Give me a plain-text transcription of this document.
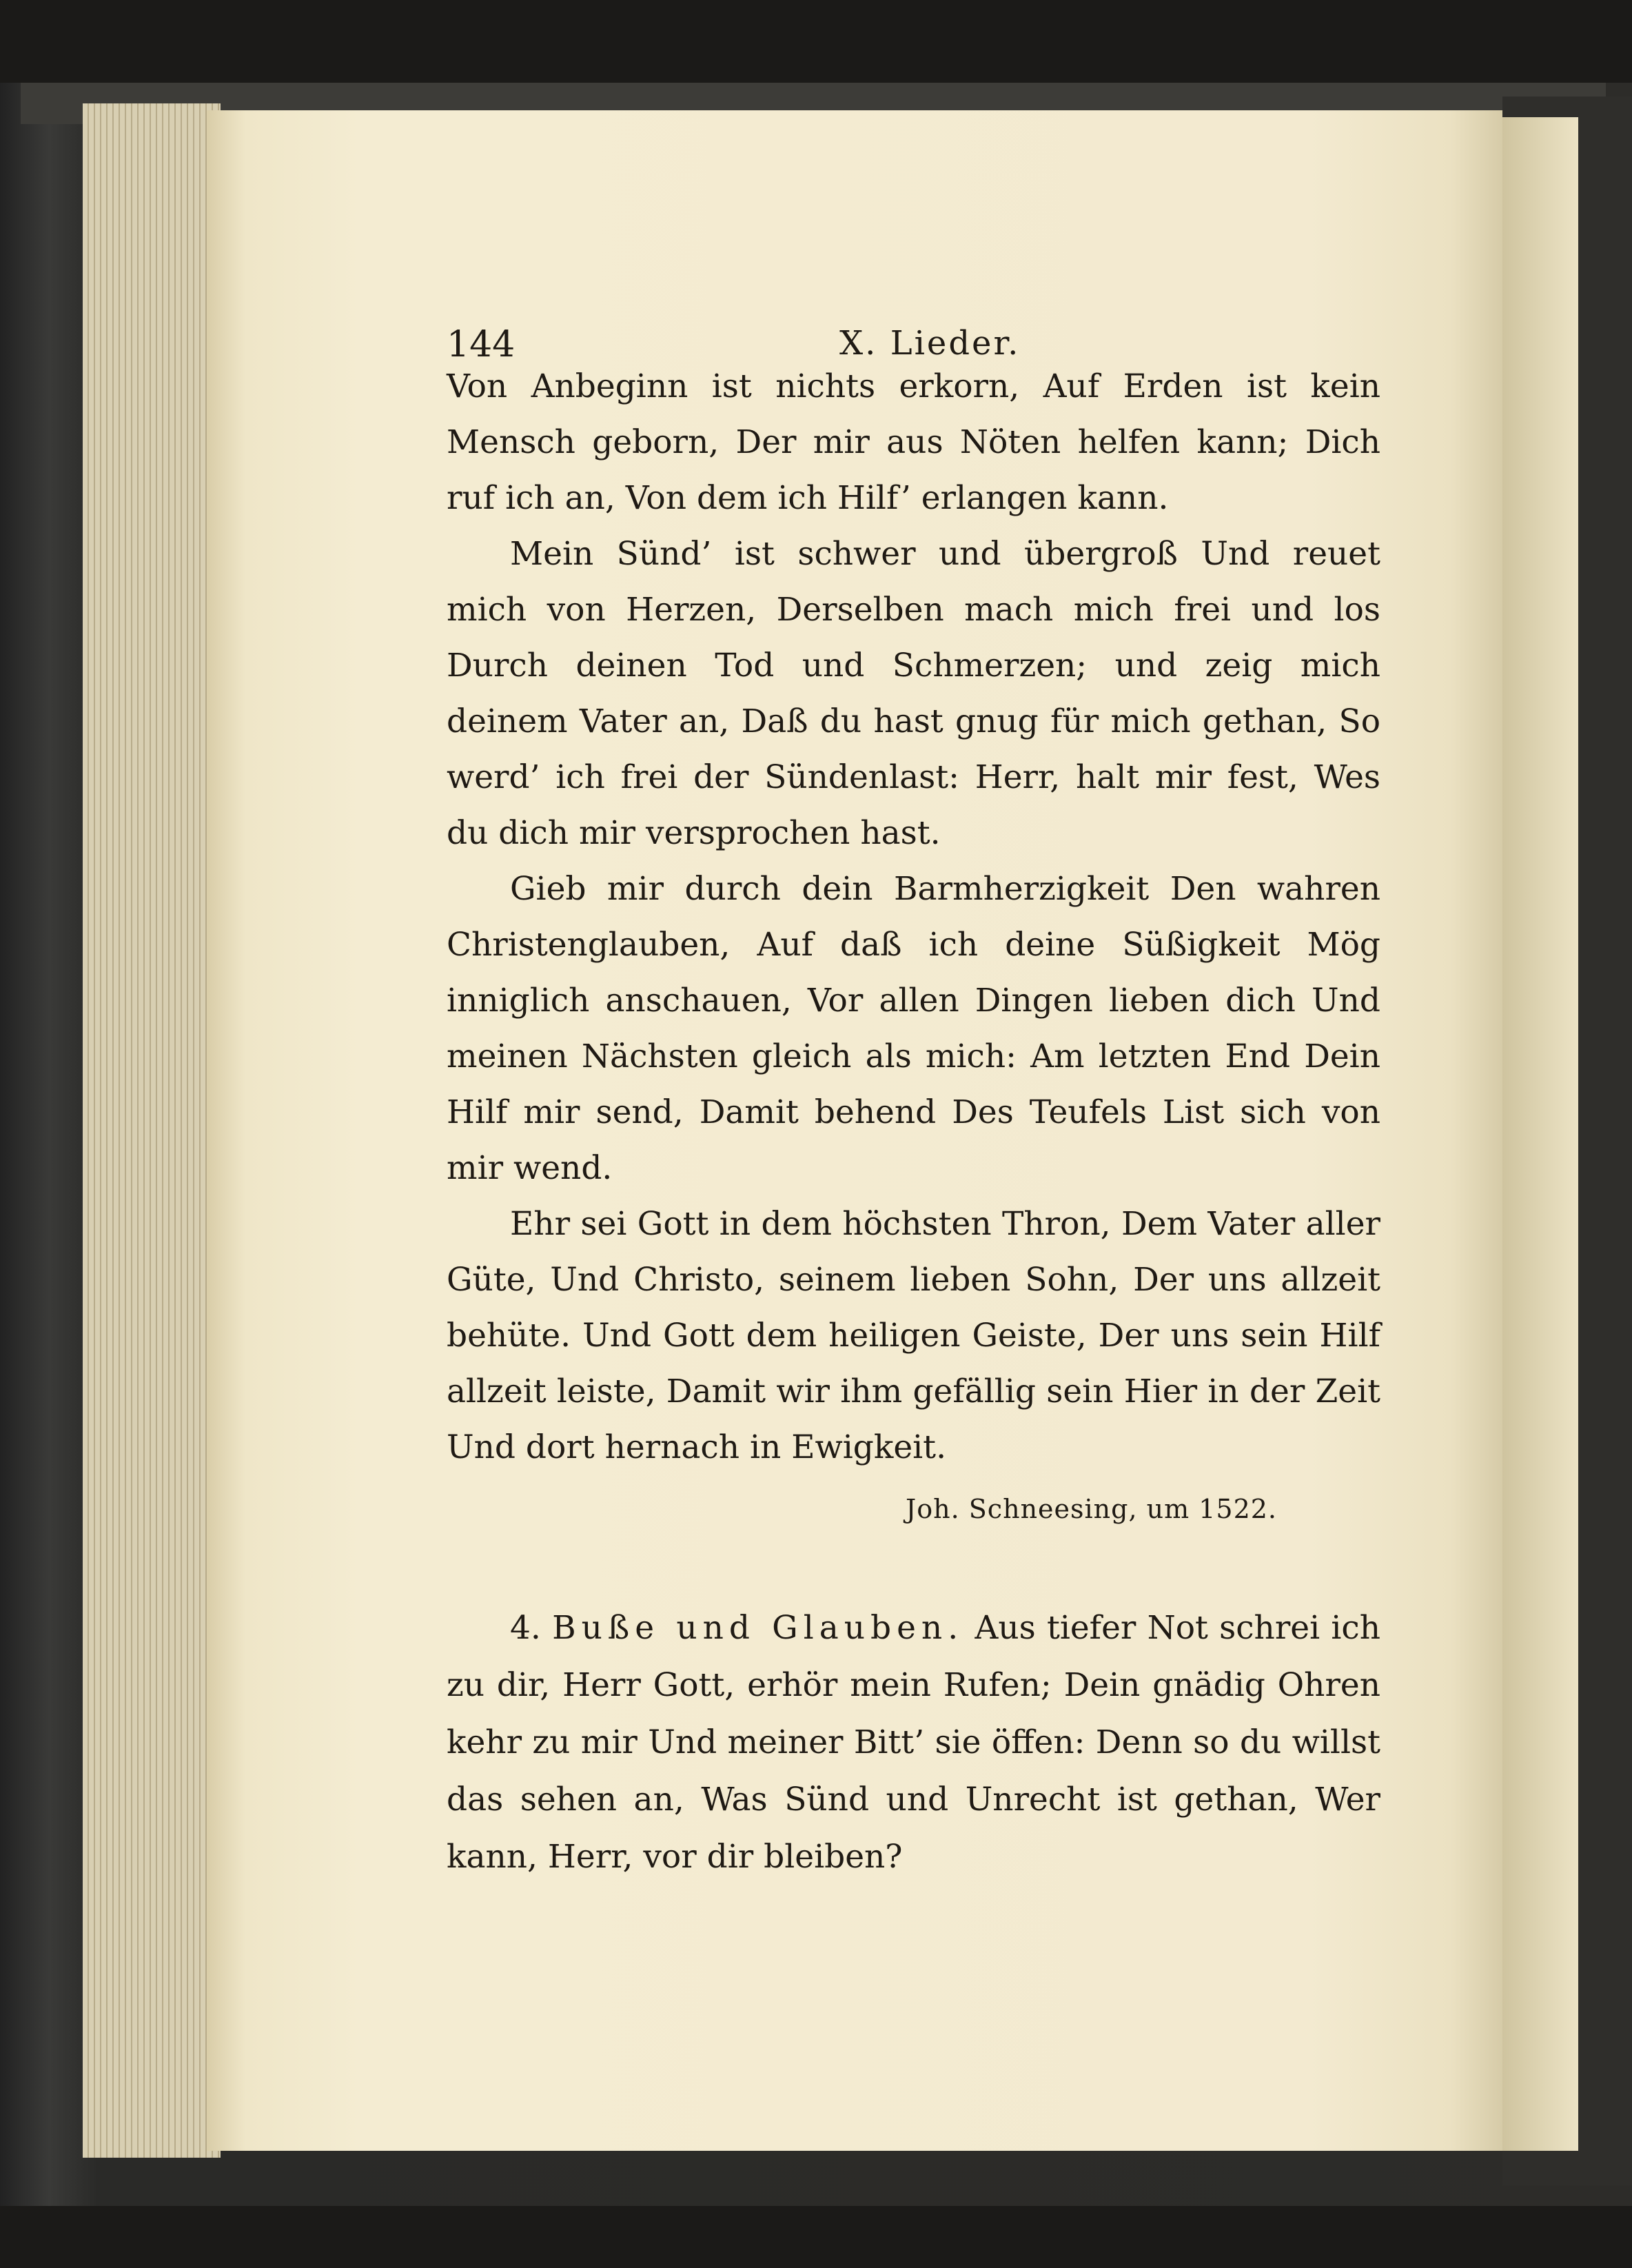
144	X. Lieder.

Von Anbeginn ist nichts erkorn, Auf Erden ist kein Mensch geborn, Der mir aus Nöten helfen kann; Dich ruf ich an, Von dem ich Hilf’ erlangen kann.

Mein Sünd’ ist schwer und übergroß Und reuet mich von Herzen, Derselben mach mich frei und los Durch deinen Tod und Schmerzen; und zeig mich deinem Vater an, Daß du hast gnug für mich gethan, So werd’ ich frei der Sündenlast: Herr, halt mir fest, Wes du dich mir versprochen hast.

Gieb mir durch dein Barmherzigkeit Den wahren Christenglauben, Auf daß ich deine Süßigkeit Mög inniglich anschauen, Vor allen Dingen lieben dich Und meinen Nächsten gleich als mich: Am letzten End Dein Hilf mir send, Damit behend Des Teufels List sich von mir wend.

Ehr sei Gott in dem höchsten Thron, Dem Vater aller Güte, Und Christo, seinem lieben Sohn, Der uns allzeit behüte. Und Gott dem heiligen Geiste, Der uns sein Hilf allzeit leiste, Damit wir ihm gefällig sein Hier in der Zeit Und dort hernach in Ewigkeit.

Joh. Schneesing, um 1522.

4. Buße und Glauben. Aus tiefer Not schrei ich zu dir, Herr Gott, erhör mein Rufen; Dein gnädig Ohren kehr zu mir Und meiner Bitt’ sie öffen: Denn so du willst das sehen an, Was Sünd und Unrecht ist gethan, Wer kann, Herr, vor dir bleiben?
